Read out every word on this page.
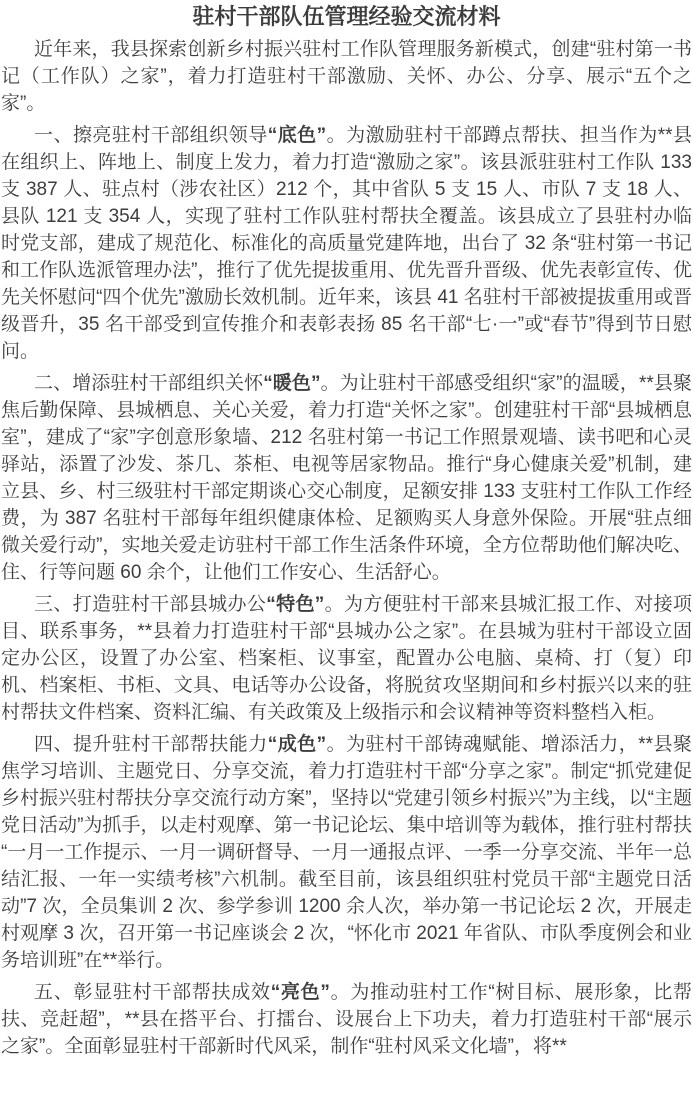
驻村干部队伍管理经验交流材料

近年来，我县探索创新乡村振兴驻村工作队管理服务新模式，创建“驻村第一书记（工作队）之家”，着力打造驻村干部激励、关怀、办公、分享、展示“五个之家”。

一、擦亮驻村干部组织领导“底色”。为激励驻村干部蹲点帮扶、担当作为**县在组织上、阵地上、制度上发力，着力打造“激励之家”。该县派驻驻村工作队 133 支 387 人、驻点村（涉农社区）212 个，其中省队 5 支 15 人、市队 7 支 18 人、县队 121 支 354 人，实现了驻村工作队驻村帮扶全覆盖。该县成立了县驻村办临时党支部，建成了规范化、标准化的高质量党建阵地，出台了 32 条“驻村第一书记和工作队选派管理办法”，推行了优先提拔重用、优先晋升晋级、优先表彰宣传、优先关怀慰问“四个优先”激励长效机制。近年来，该县 41 名驻村干部被提拔重用或晋级晋升，35 名干部受到宣传推介和表彰表扬 85 名干部“七·一”或“春节”得到节日慰问。

二、增添驻村干部组织关怀“暖色”。为让驻村干部感受组织“家”的温暖，**县聚焦后勤保障、县城栖息、关心关爱，着力打造“关怀之家”。创建驻村干部“县城栖息室”，建成了“家”字创意形象墙、212 名驻村第一书记工作照景观墙、读书吧和心灵驿站，添置了沙发、茶几、茶柜、电视等居家物品。推行“身心健康关爱”机制，建立县、乡、村三级驻村干部定期谈心交心制度，足额安排 133 支驻村工作队工作经费，为 387 名驻村干部每年组织健康体检、足额购买人身意外保险。开展“驻点细微关爱行动”，实地关爱走访驻村干部工作生活条件环境，全方位帮助他们解决吃、住、行等问题 60 余个，让他们工作安心、生活舒心。

三、打造驻村干部县城办公“特色”。为方便驻村干部来县城汇报工作、对接项目、联系事务，**县着力打造驻村干部“县城办公之家”。在县城为驻村干部设立固定办公区，设置了办公室、档案柜、议事室，配置办公电脑、桌椅、打（复）印机、档案柜、书柜、文具、电话等办公设备，将脱贫攻坚期间和乡村振兴以来的驻村帮扶文件档案、资料汇编、有关政策及上级指示和会议精神等资料整档入柜。

四、提升驻村干部帮扶能力“成色”。为驻村干部铸魂赋能、增添活力，**县聚焦学习培训、主题党日、分享交流，着力打造驻村干部“分享之家”。制定“抓党建促乡村振兴驻村帮扶分享交流行动方案”，坚持以“党建引领乡村振兴”为主线，以“主题党日活动”为抓手，以走村观摩、第一书记论坛、集中培训等为载体，推行驻村帮扶“一月一工作提示、一月一调研督导、一月一通报点评、一季一分享交流、半年一总结汇报、一年一实绩考核”六机制。截至目前，该县组织驻村党员干部“主题党日活动”7 次，全员集训 2 次、参学参训 1200 余人次，举办第一书记论坛 2 次，开展走村观摩 3 次，召开第一书记座谈会 2 次，“怀化市 2021 年省队、市队季度例会和业务培训班”在**举行。

五、彰显驻村干部帮扶成效“亮色”。为推动驻村工作“树目标、展形象，比帮扶、竞赶超”，**县在搭平台、打擂台、设展台上下功夫，着力打造驻村干部“展示之家”。全面彰显驻村干部新时代风采，制作“驻村风采文化墙”，将**
